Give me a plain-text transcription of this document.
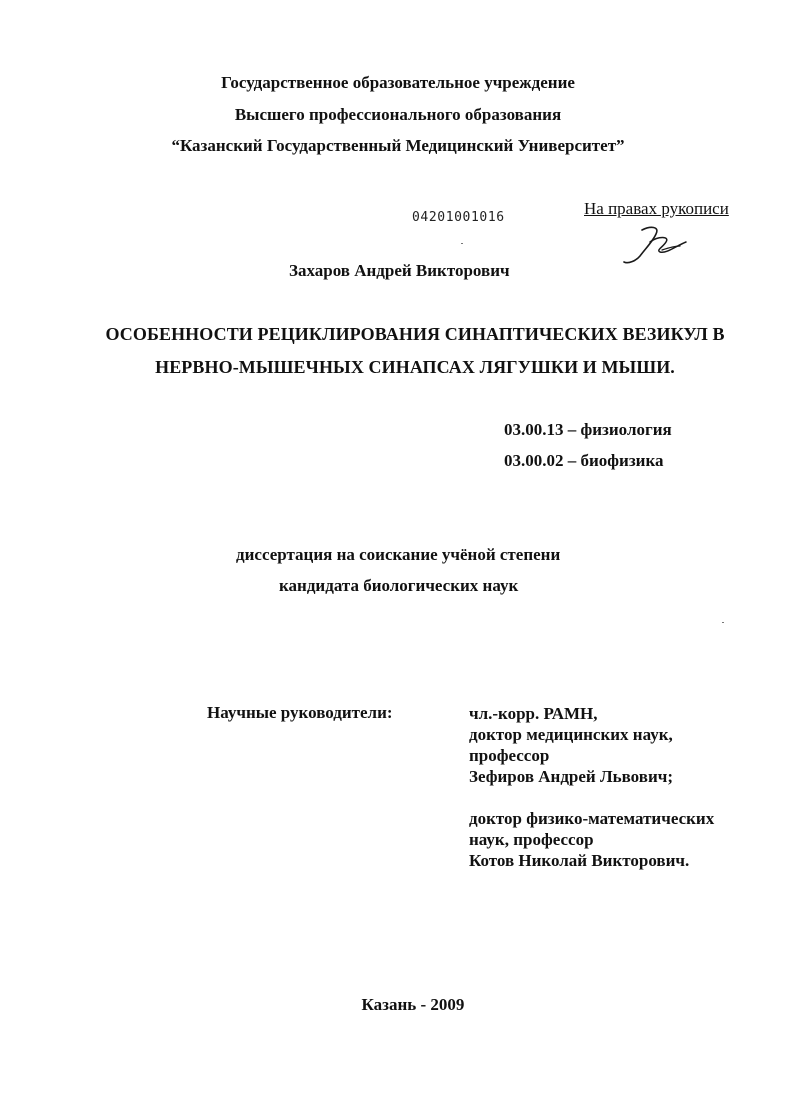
Государственное образовательное учреждение
Высшего профессионального образования
“Казанский Государственный Медицинский Университет”
04201001016	На правах рукописи
Захаров Андрей Викторович
ОСОБЕННОСТИ РЕЦИКЛИРОВАНИЯ СИНАПТИЧЕСКИХ ВЕЗИКУЛ В
НЕРВНО-МЫШЕЧНЫХ СИНАПСАХ ЛЯГУШКИ И МЫШИ.
03.00.13 – физиология
03.00.02 – биофизика
диссертация на соискание учёной степени
кандидата биологических наук
Научные руководители:	чл.-корр. РАМН,
доктор медицинских наук,
профессор
Зефиров Андрей Львович;
доктор физико-математических
наук, профессор
Котов Николай Викторович.
Казань - 2009
